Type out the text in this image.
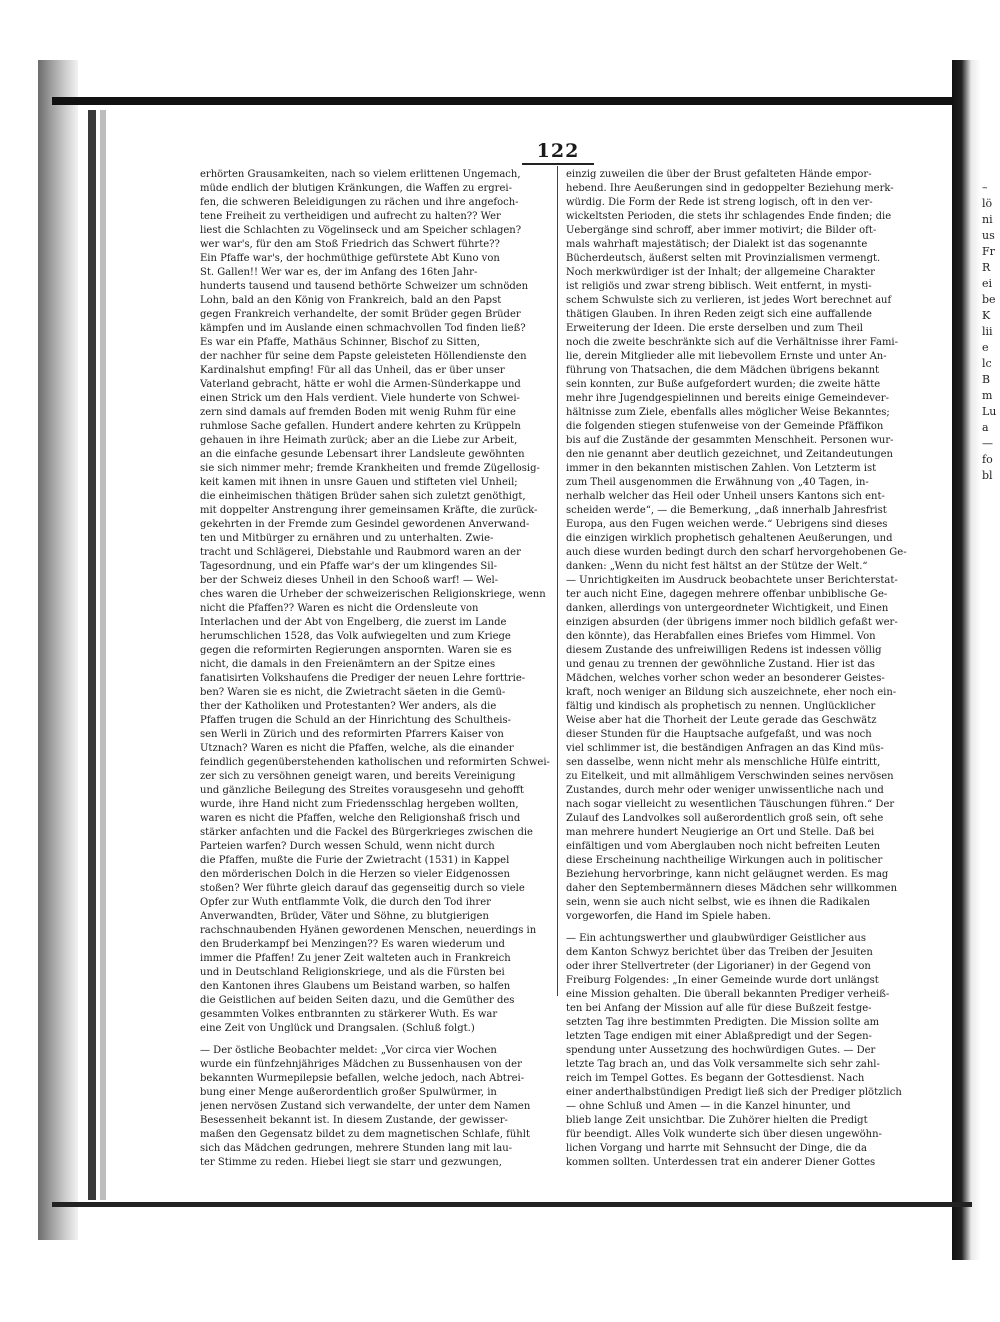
–
lö
ni
us
Fr
R
ei
be
K
lii
e
lc
B
m
Lu
a
—
fo
bl
122
erhörten Grausamkeiten, nach so vielem erlittenen Ungemach,
müde endlich der blutigen Kränkungen, die Waffen zu ergrei-
fen, die schweren Beleidigungen zu rächen und ihre angefoch-
tene Freiheit zu vertheidigen und aufrecht zu halten?? Wer
liest die Schlachten zu Vögelinseck und am Speicher schlagen?
wer war's, für den am Stoß Friedrich das Schwert führte??
Ein Pfaffe war's, der hochmüthige gefürstete Abt Kuno von
St. Gallen!! Wer war es, der im Anfang des 16ten Jahr-
hunderts tausend und tausend bethörte Schweizer um schnöden
Lohn, bald an den König von Frankreich, bald an den Papst
gegen Frankreich verhandelte, der somit Brüder gegen Brüder
kämpfen und im Auslande einen schmachvollen Tod finden ließ?
Es war ein Pfaffe, Mathäus Schinner, Bischof zu Sitten,
der nachher für seine dem Papste geleisteten Höllendienste den
Kardinalshut empfing! Für all das Unheil, das er über unser
Vaterland gebracht, hätte er wohl die Armen-Sünderkappe und
einen Strick um den Hals verdient. Viele hunderte von Schwei-
zern sind damals auf fremden Boden mit wenig Ruhm für eine
ruhmlose Sache gefallen. Hundert andere kehrten zu Krüppeln
gehauen in ihre Heimath zurück; aber an die Liebe zur Arbeit,
an die einfache gesunde Lebensart ihrer Landsleute gewöhnten
sie sich nimmer mehr; fremde Krankheiten und fremde Zügellosig-
keit kamen mit ihnen in unsre Gauen und stifteten viel Unheil;
die einheimischen thätigen Brüder sahen sich zuletzt genöthigt,
mit doppelter Anstrengung ihrer gemeinsamen Kräfte, die zurück-
gekehrten in der Fremde zum Gesindel gewordenen Anverwand-
ten und Mitbürger zu ernähren und zu unterhalten. Zwie-
tracht und Schlägerei, Diebstahle und Raubmord waren an der
Tagesordnung, und ein Pfaffe war's der um klingendes Sil-
ber der Schweiz dieses Unheil in den Schooß warf! — Wel-
ches waren die Urheber der schweizerischen Religionskriege, wenn
nicht die Pfaffen?? Waren es nicht die Ordensleute von
Interlachen und der Abt von Engelberg, die zuerst im Lande
herumschlichen 1528, das Volk aufwiegelten und zum Kriege
gegen die reformirten Regierungen anspornten. Waren sie es
nicht, die damals in den Freienämtern an der Spitze eines
fanatisirten Volkshaufens die Prediger der neuen Lehre forttrie-
ben? Waren sie es nicht, die Zwietracht säeten in die Gemü-
ther der Katholiken und Protestanten? Wer anders, als die
Pfaffen trugen die Schuld an der Hinrichtung des Schultheis-
sen Werli in Zürich und des reformirten Pfarrers Kaiser von
Utznach? Waren es nicht die Pfaffen, welche, als die einander
feindlich gegenüberstehenden katholischen und reformirten Schwei-
zer sich zu versöhnen geneigt waren, und bereits Vereinigung
und gänzliche Beilegung des Streites vorausgesehn und gehofft
wurde, ihre Hand nicht zum Friedensschlag hergeben wollten,
waren es nicht die Pfaffen, welche den Religionshaß frisch und
stärker anfachten und die Fackel des Bürgerkrieges zwischen die
Parteien warfen? Durch wessen Schuld, wenn nicht durch
die Pfaffen, mußte die Furie der Zwietracht (1531) in Kappel
den mörderischen Dolch in die Herzen so vieler Eidgenossen
stoßen? Wer führte gleich darauf das gegenseitig durch so viele
Opfer zur Wuth entflammte Volk, die durch den Tod ihrer
Anverwandten, Brüder, Väter und Söhne, zu blutgierigen
rachschnaubenden Hyänen gewordenen Menschen, neuerdings in
den Bruderkampf bei Menzingen?? Es waren wiederum und
immer die Pfaffen! Zu jener Zeit walteten auch in Frankreich
und in Deutschland Religionskriege, und als die Fürsten bei
den Kantonen ihres Glaubens um Beistand warben, so halfen
die Geistlichen auf beiden Seiten dazu, und die Gemüther des
gesammten Volkes entbrannten zu stärkerer Wuth. Es war
eine Zeit von Unglück und Drangsalen. (Schluß folgt.)
— Der östliche Beobachter meldet: „Vor circa vier Wochen
wurde ein fünfzehnjähriges Mädchen zu Bussenhausen von der
bekannten Wurmepilepsie befallen, welche jedoch, nach Abtrei-
bung einer Menge außerordentlich großer Spulwürmer, in
jenen nervösen Zustand sich verwandelte, der unter dem Namen
Besessenheit bekannt ist. In diesem Zustande, der gewisser-
maßen den Gegensatz bildet zu dem magnetischen Schlafe, fühlt
sich das Mädchen gedrungen, mehrere Stunden lang mit lau-
ter Stimme zu reden. Hiebei liegt sie starr und gezwungen,
einzig zuweilen die über der Brust gefalteten Hände empor-
hebend. Ihre Aeußerungen sind in gedoppelter Beziehung merk-
würdig. Die Form der Rede ist streng logisch, oft in den ver-
wickeltsten Perioden, die stets ihr schlagendes Ende finden; die
Uebergänge sind schroff, aber immer motivirt; die Bilder oft-
mals wahrhaft majestätisch; der Dialekt ist das sogenannte
Bücherdeutsch, äußerst selten mit Provinzialismen vermengt.
Noch merkwürdiger ist der Inhalt; der allgemeine Charakter
ist religiös und zwar streng biblisch. Weit entfernt, in mysti-
schem Schwulste sich zu verlieren, ist jedes Wort berechnet auf
thätigen Glauben. In ihren Reden zeigt sich eine auffallende
Erweiterung der Ideen. Die erste derselben und zum Theil
noch die zweite beschränkte sich auf die Verhältnisse ihrer Fami-
lie, derein Mitglieder alle mit liebevollem Ernste und unter An-
führung von Thatsachen, die dem Mädchen übrigens bekannt
sein konnten, zur Buße aufgefordert wurden; die zweite hätte
mehr ihre Jugendgespielinnen und bereits einige Gemeindever-
hältnisse zum Ziele, ebenfalls alles möglicher Weise Bekanntes;
die folgenden stiegen stufenweise von der Gemeinde Pfäffikon
bis auf die Zustände der gesammten Menschheit. Personen wur-
den nie genannt aber deutlich gezeichnet, und Zeitandeutungen
immer in den bekannten mistischen Zahlen. Von Letzterm ist
zum Theil ausgenommen die Erwähnung von „40 Tagen, in-
nerhalb welcher das Heil oder Unheil unsers Kantons sich ent-
scheiden werde“, — die Bemerkung, „daß innerhalb Jahresfrist
Europa, aus den Fugen weichen werde.“ Uebrigens sind dieses
die einzigen wirklich prophetisch gehaltenen Aeußerungen, und
auch diese wurden bedingt durch den scharf hervorgehobenen Ge-
danken: „Wenn du nicht fest hältst an der Stütze der Welt.“
— Unrichtigkeiten im Ausdruck beobachtete unser Berichterstat-
ter auch nicht Eine, dagegen mehrere offenbar unbiblische Ge-
danken, allerdings von untergeordneter Wichtigkeit, und Einen
einzigen absurden (der übrigens immer noch bildlich gefaßt wer-
den könnte), das Herabfallen eines Briefes vom Himmel. Von
diesem Zustande des unfreiwilligen Redens ist indessen völlig
und genau zu trennen der gewöhnliche Zustand. Hier ist das
Mädchen, welches vorher schon weder an besonderer Geistes-
kraft, noch weniger an Bildung sich auszeichnete, eher noch ein-
fältig und kindisch als prophetisch zu nennen. Unglücklicher
Weise aber hat die Thorheit der Leute gerade das Geschwätz
dieser Stunden für die Hauptsache aufgefaßt, und was noch
viel schlimmer ist, die beständigen Anfragen an das Kind müs-
sen dasselbe, wenn nicht mehr als menschliche Hülfe eintritt,
zu Eitelkeit, und mit allmähligem Verschwinden seines nervösen
Zustandes, durch mehr oder weniger unwissentliche nach und
nach sogar vielleicht zu wesentlichen Täuschungen führen.“ Der
Zulauf des Landvolkes soll außerordentlich groß sein, oft sehe
man mehrere hundert Neugierige an Ort und Stelle. Daß bei
einfältigen und vom Aberglauben noch nicht befreiten Leuten
diese Erscheinung nachtheilige Wirkungen auch in politischer
Beziehung hervorbringe, kann nicht geläugnet werden. Es mag
daher den Septembermännern dieses Mädchen sehr willkommen
sein, wenn sie auch nicht selbst, wie es ihnen die Radikalen
vorgeworfen, die Hand im Spiele haben.
— Ein achtungswerther und glaubwürdiger Geistlicher aus
dem Kanton Schwyz berichtet über das Treiben der Jesuiten
oder ihrer Stellvertreter (der Ligorianer) in der Gegend von
Freiburg Folgendes: „In einer Gemeinde wurde dort unlängst
eine Mission gehalten. Die überall bekannten Prediger verheiß-
ten bei Anfang der Mission auf alle für diese Bußzeit festge-
setzten Tag ihre bestimmten Predigten. Die Mission sollte am
letzten Tage endigen mit einer Ablaßpredigt und der Segen-
spendung unter Aussetzung des hochwürdigen Gutes. — Der
letzte Tag brach an, und das Volk versammelte sich sehr zahl-
reich im Tempel Gottes. Es begann der Gottesdienst. Nach
einer anderthalbstündigen Predigt ließ sich der Prediger plötzlich
— ohne Schluß und Amen — in die Kanzel hinunter, und
blieb lange Zeit unsichtbar. Die Zuhörer hielten die Predigt
für beendigt. Alles Volk wunderte sich über diesen ungewöhn-
lichen Vorgang und harrte mit Sehnsucht der Dinge, die da
kommen sollten. Unterdessen trat ein anderer Diener Gottes
